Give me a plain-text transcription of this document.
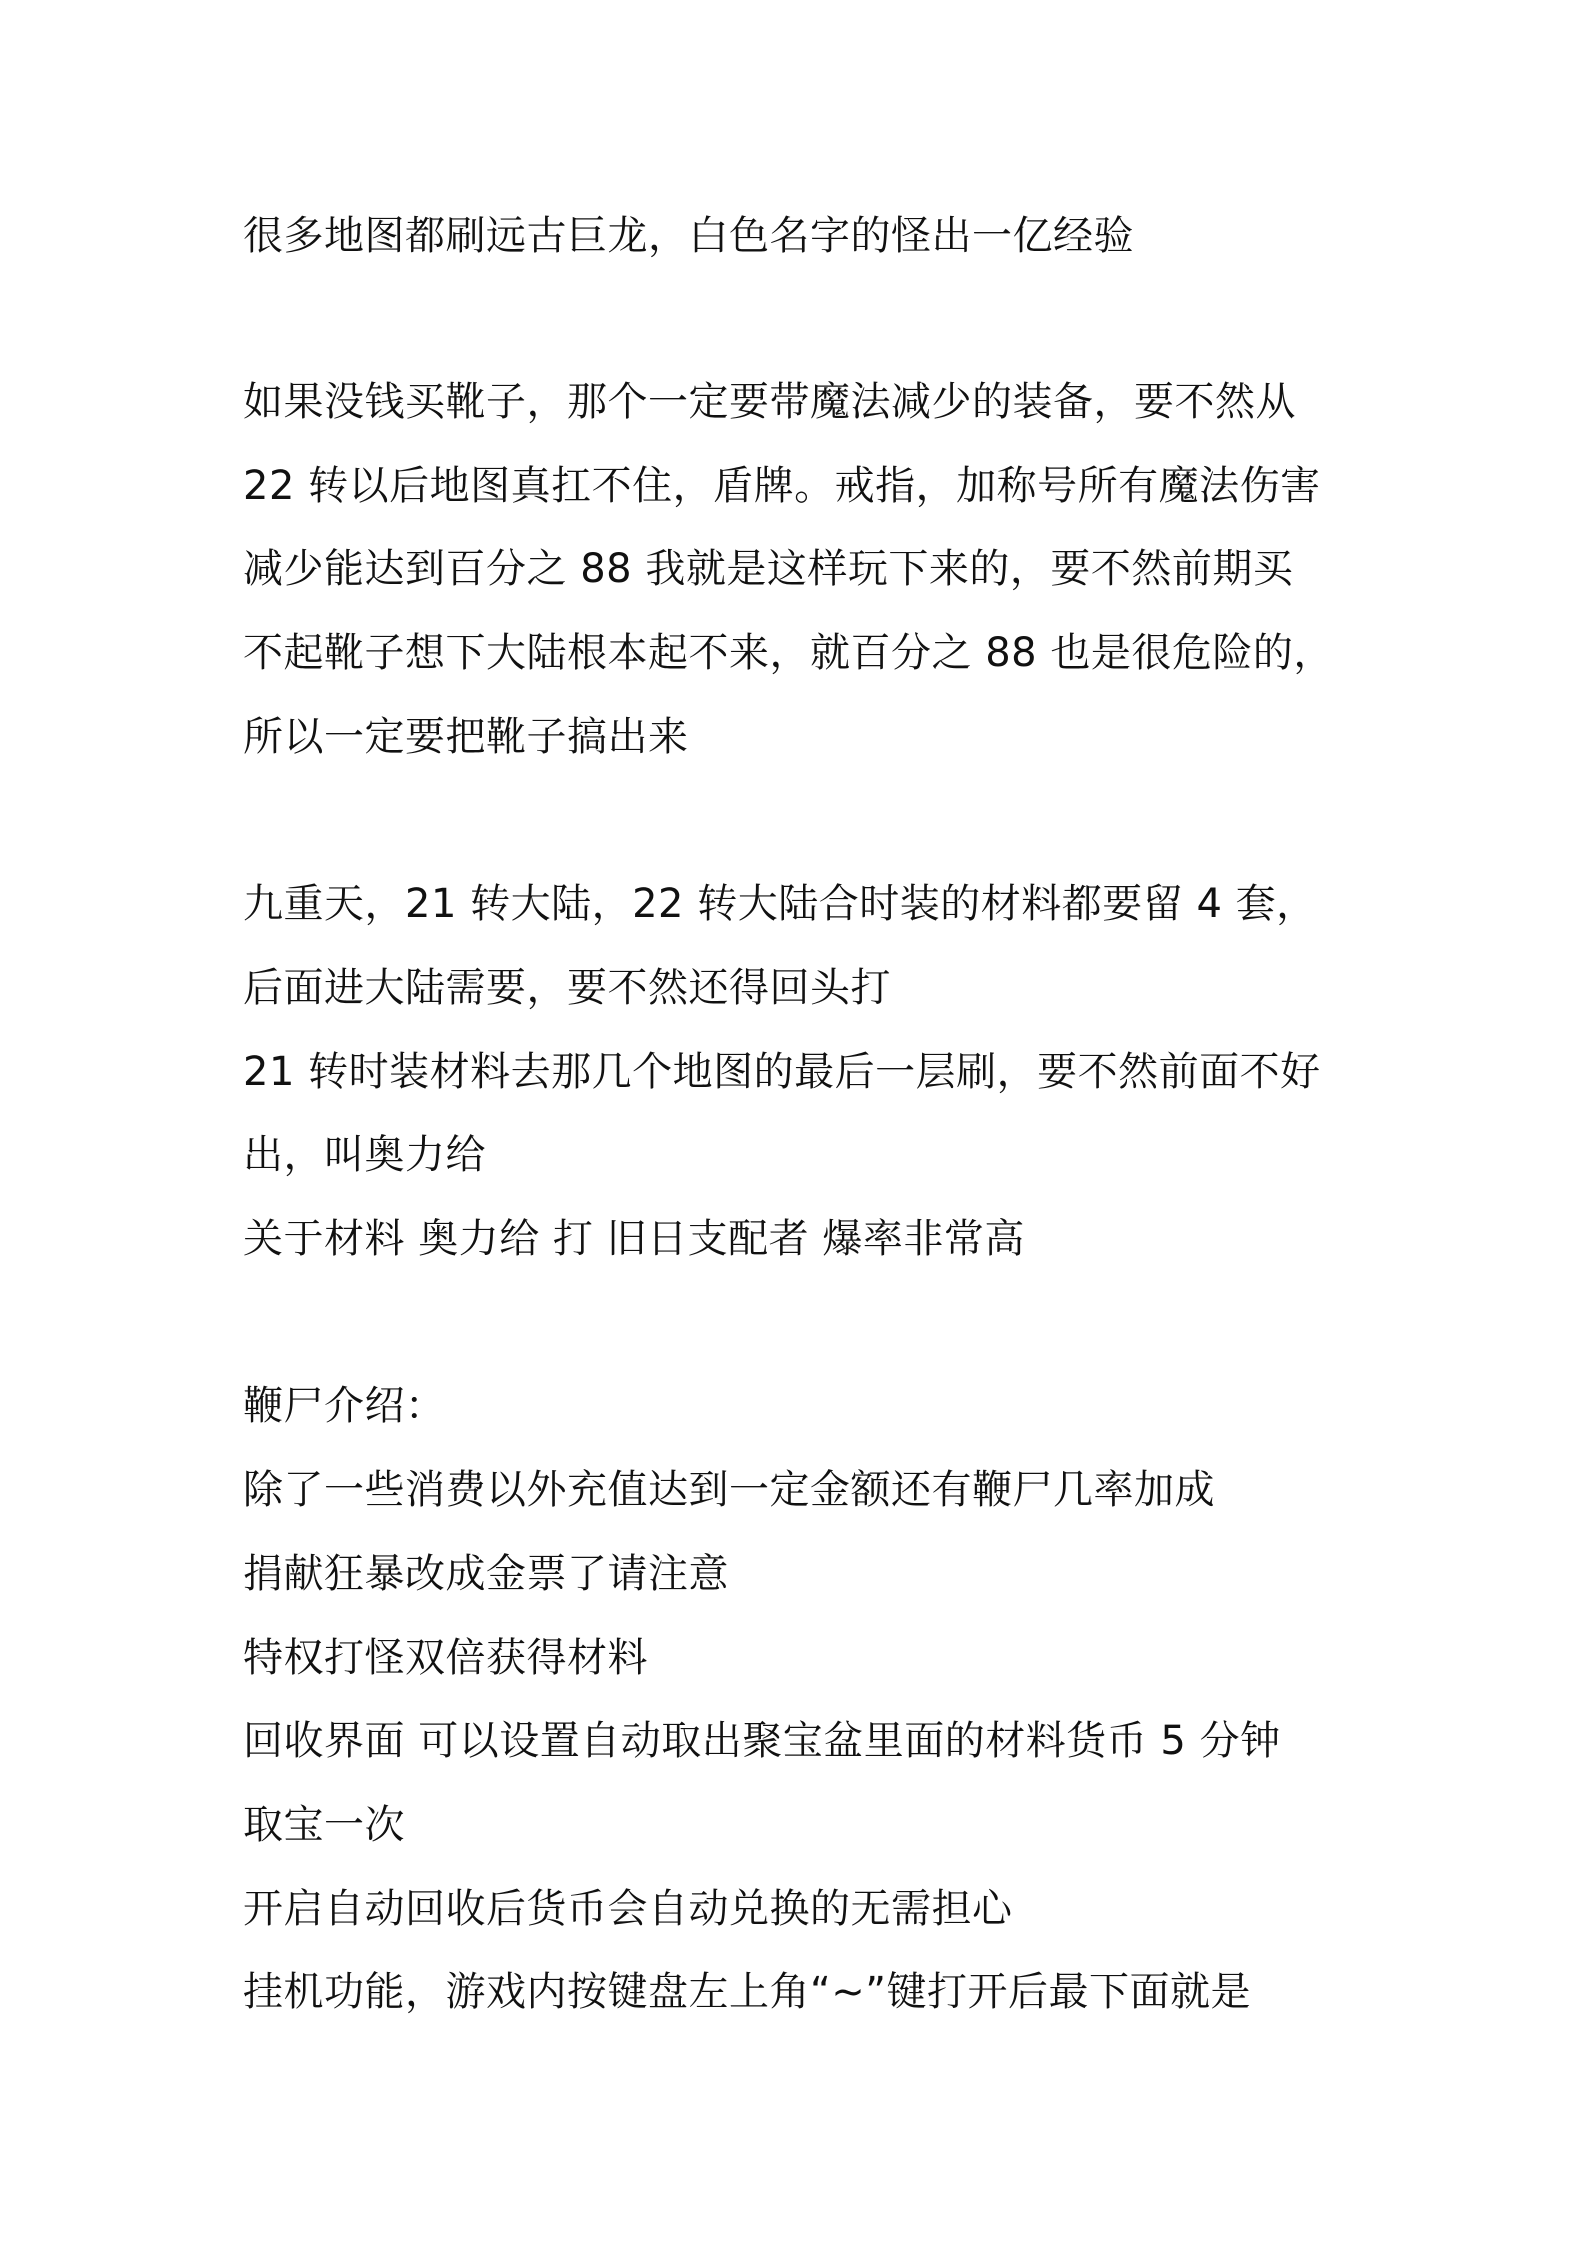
很多地图都刷远古巨龙，白色名字的怪出一亿经验
如果没钱买靴子，那个一定要带魔法减少的装备，要不然从
22 转以后地图真扛不住，盾牌。戒指，加称号所有魔法伤害
减少能达到百分之 88 我就是这样玩下来的，要不然前期买
不起靴子想下大陆根本起不来，就百分之 88 也是很危险的，
所以一定要把靴子搞出来
九重天，21 转大陆，22 转大陆合时装的材料都要留 4 套，
后面进大陆需要，要不然还得回头打
21 转时装材料去那几个地图的最后一层刷，要不然前面不好
出，叫奥力给
关于材料 奥力给 打 旧日支配者 爆率非常高
鞭尸介绍：
除了一些消费以外充值达到一定金额还有鞭尸几率加成
捐献狂暴改成金票了请注意
特权打怪双倍获得材料
回收界面 可以设置自动取出聚宝盆里面的材料货币 5 分钟
取宝一次
开启自动回收后货币会自动兑换的无需担心
挂机功能，游戏内按键盘左上角“~”键打开后最下面就是
